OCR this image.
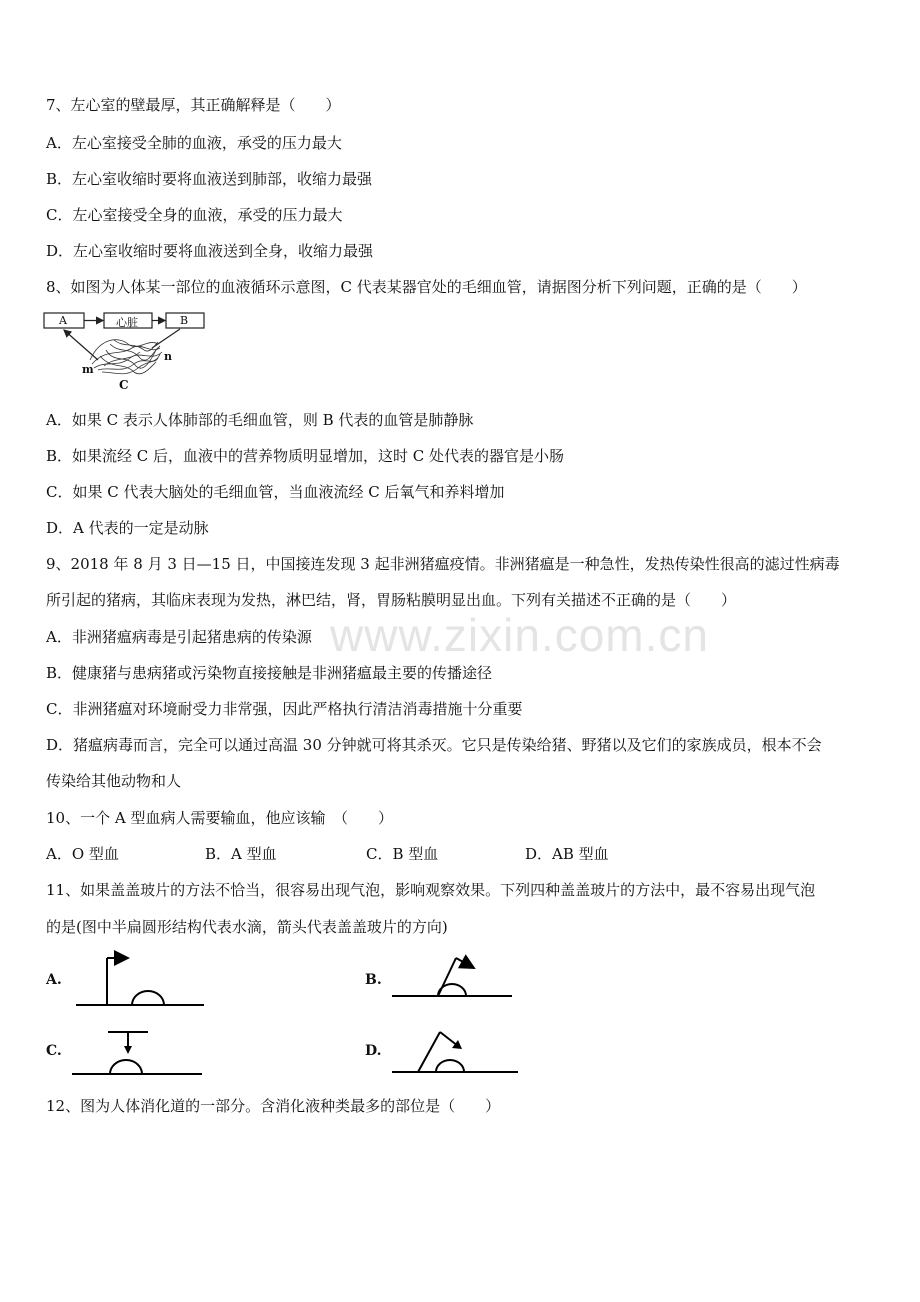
7、左心室的壁最厚，其正确解释是（　　）
A．左心室接受全肺的血液，承受的压力最大
B．左心室收缩时要将血液送到肺部，收缩力最强
C．左心室接受全身的血液，承受的压力最大
D．左心室收缩时要将血液送到全身，收缩力最强
8、如图为人体某一部位的血液循环示意图，C 代表某器官处的毛细血管，请据图分析下列问题，正确的是（　　）
m
n
C
A	心脏	B
A．如果 C 表示人体肺部的毛细血管，则 B 代表的血管是肺静脉
B．如果流经 C 后，血液中的营养物质明显增加，这时 C 处代表的器官是小肠
C．如果 C 代表大脑处的毛细血管，当血液流经 C 后氧气和养料增加
D．A 代表的一定是动脉
9、2018 年 8 月 3 日—15 日，中国接连发现 3 起非洲猪瘟疫情。非洲猪瘟是一种急性，发热传染性很高的滤过性病毒
所引起的猪病，其临床表现为发热，淋巴结，肾，胃肠粘膜明显出血。下列有关描述不正确的是（　　）
A．非洲猪瘟病毒是引起猪患病的传染源
B．健康猪与患病猪或污染物直接接触是非洲猪瘟最主要的传播途径
C．非洲猪瘟对环境耐受力非常强，因此严格执行清洁消毒措施十分重要
D．猪瘟病毒而言，完全可以通过高温 30 分钟就可将其杀灭。它只是传染给猪、野猪以及它们的家族成员，根本不会
传染给其他动物和人
www.zixin.com.cn
10、一个 A 型血病人需要输血，他应该输　（　　）
A．O 型血	B．A 型血	C．B 型血	D．AB 型血
11、如果盖盖玻片的方法不恰当，很容易出现气泡，影响观察效果。下列四种盖盖玻片的方法中，最不容易出现气泡
的是(图中半扁圆形结构代表水滴，箭头代表盖盖玻片的方向)
A.	B.
C.	D.
12、图为人体消化道的一部分。含消化液种类最多的部位是（　　）
